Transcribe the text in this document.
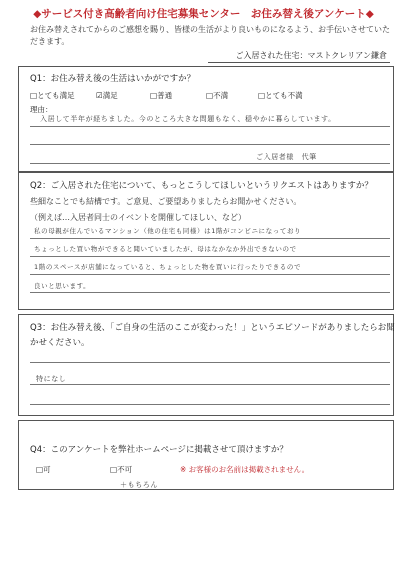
◆サービス付き高齢者向け住宅募集センター　お住み替え後アンケート◆
お住み替えされてからのご感想を賜り、皆様の生活がより良いものになるよう、お手伝いさせていただきます。
ご入居された住宅：マストクレリアン鎌倉
Q1：お住み替え後の生活はいかがですか？
□とても満足	☑満足	□普通	□不満	□とても不満
理由：
入居して半年が経ちました。今のところ大きな問題もなく、穏やかに暮らしています。
ご入居者様　代筆
Q2：ご入居された住宅について、もっとこうしてほしいというリクエストはありますか？
些細なことでも結構です。ご意見、ご要望ありましたらお聞かせください。
（例えば…入居者同士のイベントを開催してほしい、など）
私の母親が住んでいるマンション（他の住宅も同様）は1階がコンビニになっており
ちょっとした買い物ができると聞いていましたが、母はなかなか外出できないので
1階のスペースが店舗になっていると、ちょっとした物を買いに行ったりできるので
良いと思います。
Q3：お住み替え後、「ご自身の生活のここが変わった！」というエピソードがありましたらお聞
かせください。
特になし
Q4：このアンケートを弊社ホームページに掲載させて頂けますか？
□可	□不可	※ お客様のお名前は掲載されません。
＋もちろん
